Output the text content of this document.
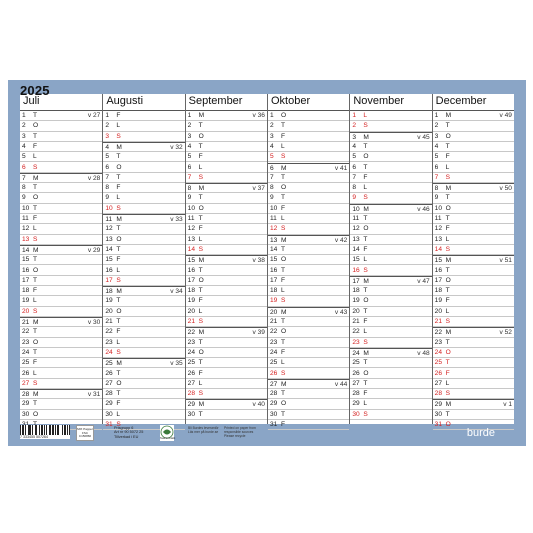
Juli
1	T	v 27
2	O
3	T
4	F
5	L
6	S
7	M	v 28
8	T
9	O
10 T
11 F
12 L
13 S
14 M	v 29
15 T
16 O
17 T
18 F
19 L
20 S
21 M	v 30
22 T
23 O
24 T
25 F
26 L
27 S
28 M	v 31
29 T
30 O
Augusti
1	F
2	L
3	S
4	M	v 32
5	T
6	O
7	T
8	F
9	L
10 S
11 M	v 33
12 T
13 O
14 T
15 F
16 L
17 S
18 M	v 34
19 T
20 O
21 T
22 F
23 L
24 S
25 M	v 35
26 T
27 O
28 T
29 F
30 L
31 S
September
1	M	v 36
2	T
3	O
4	T
5	F
6	L
7	S
8	M	v 37
9	T
10 O
11 T
12 F
13 L
14 S
15 M	v 38
16 T
17 O
18 T
19 F
20 L
21 S
22 M	v 39
23 T
24 O
25 T
26 F
27 L
28 S
29 M	v 40
30 T
Oktober
1	O
2	T
3	F
4	L
5	S
6	M	v 41
7	T
8	O
9	T
10 F
11 L
12 S
13 M	v 42
14 T
15 O
16 T
17 F
18 L
19 S
20 M	v 43
21 T
22 O
23 T
24 F
25 L
26 S
27 M	v 44
28 T
29 O
30 T
31 F
November
1	L
2	S
3	M	v 45
4	T
5	O
6	T
7	F
8	L
9	S
10 M	v 46
11 T
12 O
13 T
14 F
15 L
16 S
17 M	v 47
18 T
19 O
20 T
21 F
22 L
23 S
24 M	v 48
25 T
26 O
27 T
28 F
29 L
30 S
December
1	M	v 49
2	T
3	O
4	T
5	F
6	L
7	S
8	M	v 50
9	T
10 O
11 T
12 F
13 L
14 S
15 M	v 51
16 T
17 O
18 T
19 F
20 L
21 S
22 M	v 52
23 T
24 O
25 T
26 F
27 L
28 S
29 M	v 1
30 T
31 O
2025
7 333455 507264
MIX Papper FSC C156866
Svanenmärkt
Prisgrupp 6
Art nr 90 5072 25
Tillverkad i EU
Bli Burdes leverantör
Läs mer på burde.se
Printed on paper from responsible sources
Please recycle	burde
